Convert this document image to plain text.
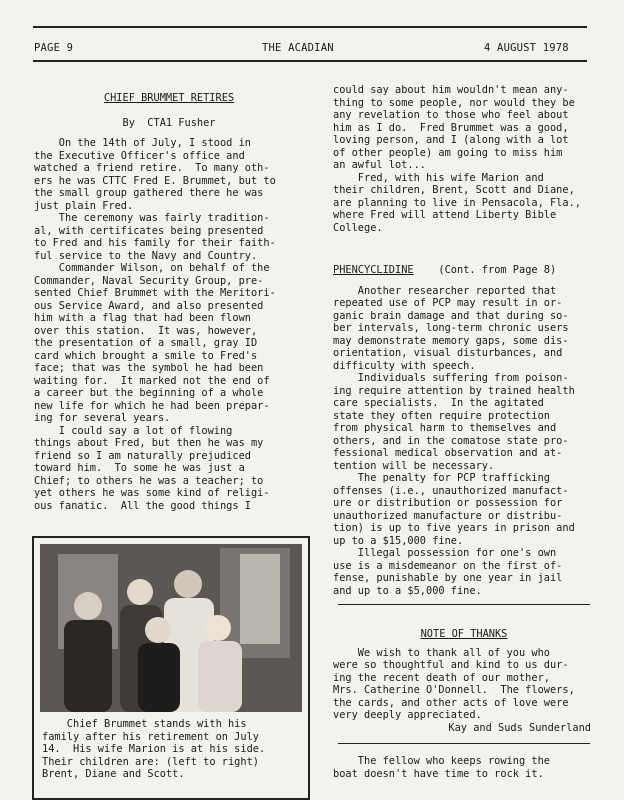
PAGE 9	THE ACADIAN	4 AUGUST 1978

CHIEF BRUMMET RETIRES

By  CTA1 Fusher

On the 14th of July, I stood in

the Executive Officer's office and

watched a friend retire.  To many oth-

ers he was CTTC Fred E. Brummet, but to

the small group gathered there he was

just plain Fred.

The ceremony was fairly tradition-

al, with certificates being presented

to Fred and his family for their faith-

ful service to the Navy and Country.

Commander Wilson, on behalf of the

Commander, Naval Security Group, pre-

sented Chief Brummet with the Meritori-

ous Service Award, and also presented

him with a flag that had been flown

over this station.  It was, however,

the presentation of a small, gray ID

card which brought a smile to Fred's

face; that was the symbol he had been

waiting for.  It marked not the end of

a career but the beginning of a whole

new life for which he had been prepar-

ing for several years.

I could say a lot of flowing

things about Fred, but then he was my

friend so I am naturally prejudiced

toward him.  To some he was just a

Chief; to others he was a teacher; to

yet others he was some kind of religi-

ous fanatic.  All the good things I

Chief Brummet stands with his

family after his retirement on July

14.  His wife Marion is at his side.

Their children are: (left to right)

Brent, Diane and Scott.

could say about him wouldn't mean any-

thing to some people, nor would they be

any revelation to those who feel about

him as I do.  Fred Brummet was a good,

loving person, and I (along with a lot

of other people) am going to miss him

an awful lot...

Fred, with his wife Marion and

their children, Brent, Scott and Diane,

are planning to live in Pensacola, Fla.,

where Fred will attend Liberty Bible

College.

PHENCYCLIDINE (Cont. from Page 8)

Another researcher reported that

repeated use of PCP may result in or-

ganic brain damage and that during so-

ber intervals, long-term chronic users

may demonstrate memory gaps, some dis-

orientation, visual disturbances, and

difficulty with speech.

Individuals suffering from poison-

ing require attention by trained health

care specialists.  In the agitated

state they often require protection

from physical harm to themselves and

others, and in the comatose state pro-

fessional medical observation and at-

tention will be necessary.

The penalty for PCP trafficking

offenses (i.e., unauthorized manufact-

ure or distribution or possession for

unauthorized manufacture or distribu-

tion) is up to five years in prison and

up to a $15,000 fine.

Illegal possession for one's own

use is a misdemeanor on the first of-

fense, punishable by one year in jail

and up to a $5,000 fine.

NOTE OF THANKS

We wish to thank all of you who

were so thoughtful and kind to us dur-

ing the recent death of our mother,

Mrs. Catherine O'Donnell.  The flowers,

the cards, and other acts of love were

very deeply appreciated.

Kay and Suds Sunderland

The fellow who keeps rowing the

boat doesn't have time to rock it.
